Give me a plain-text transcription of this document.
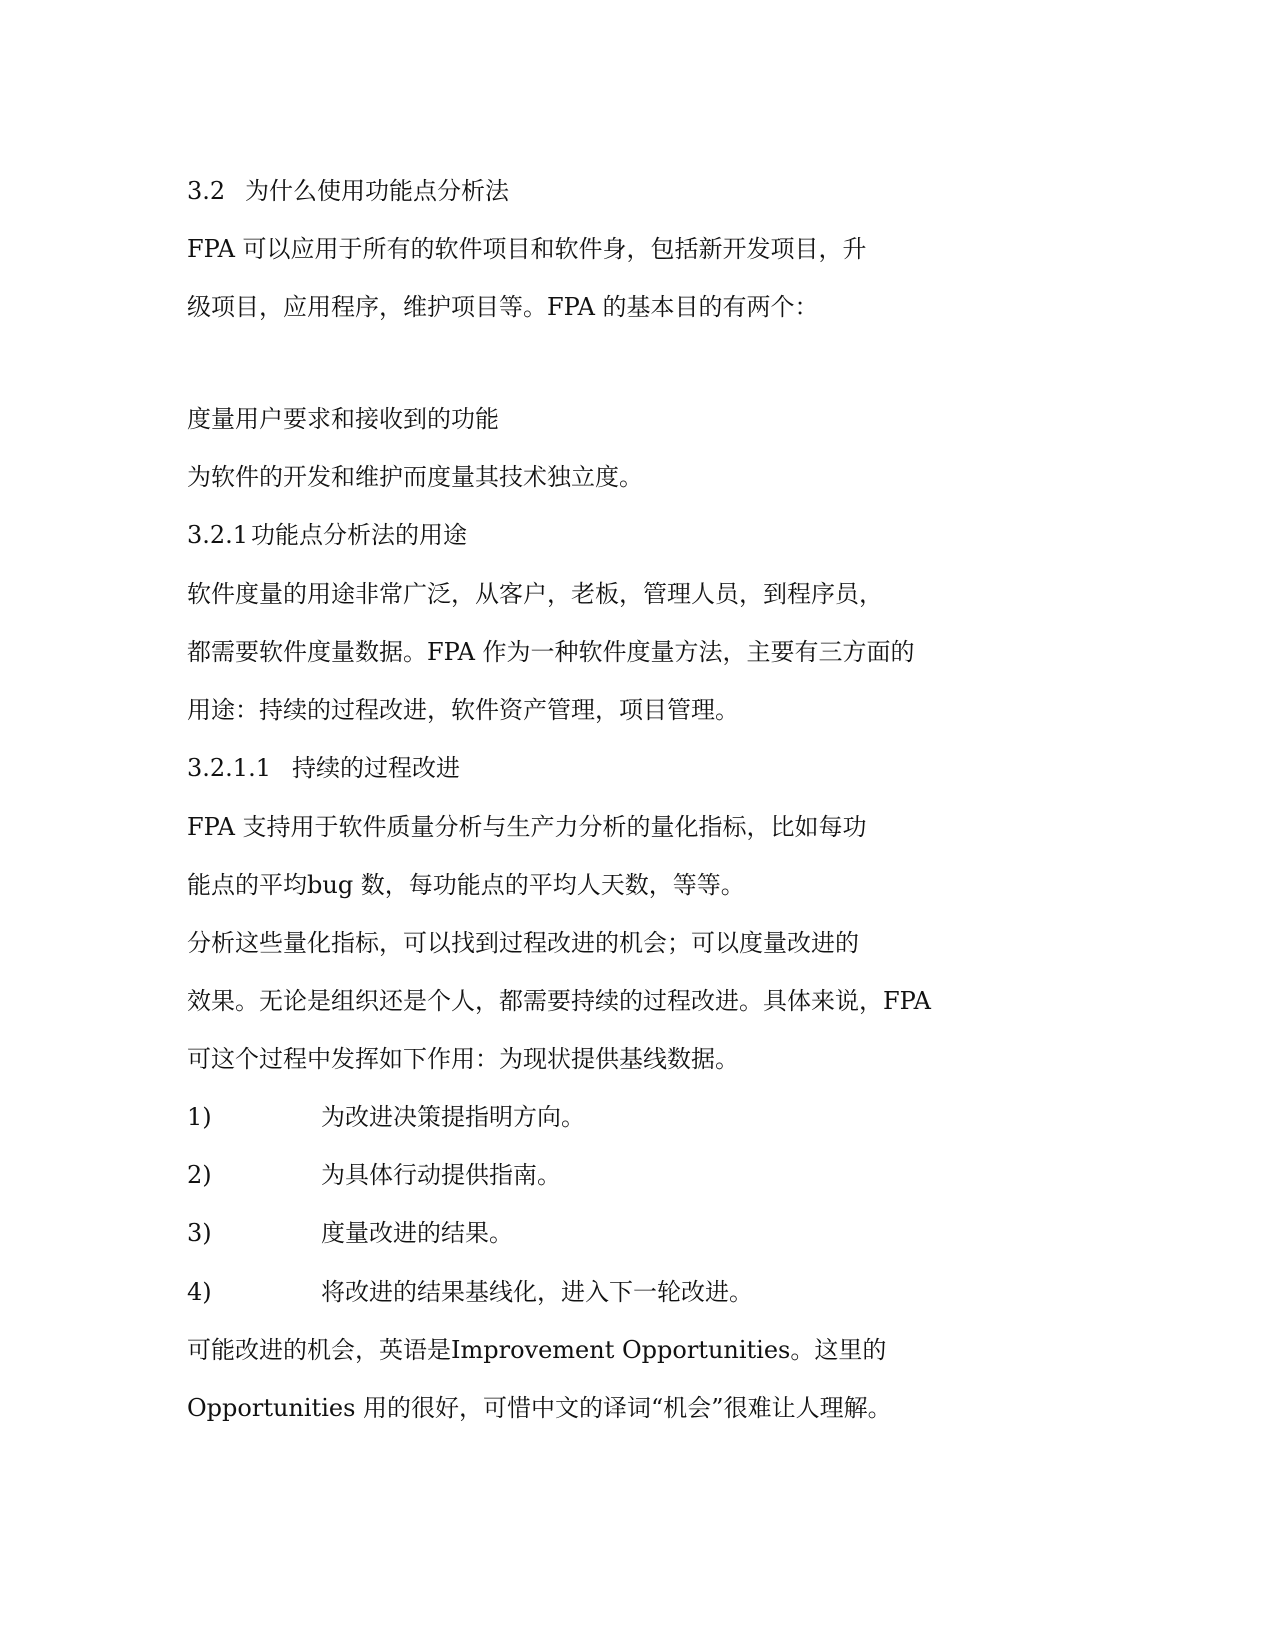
3.2 为什么使用功能点分析法
FPA 可以应用于所有的软件项目和软件身，包括新开发项目，升
级项目，应用程序，维护项目等。FPA 的基本目的有两个：
度量用户要求和接收到的功能
为软件的开发和维护而度量其技术独立度。
3.2.1 功能点分析法的用途
软件度量的用途非常广泛，从客户，老板，管理人员，到程序员，
都需要软件度量数据。FPA 作为一种软件度量方法，主要有三方面的
用途：持续的过程改进，软件资产管理，项目管理。
3.2.1.1 持续的过程改进
FPA 支持用于软件质量分析与生产力分析的量化指标，比如每功
能点的平均bug 数，每功能点的平均人天数，等等。
分析这些量化指标，可以找到过程改进的机会；可以度量改进的
效果。无论是组织还是个人，都需要持续的过程改进。具体来说，FPA
可这个过程中发挥如下作用：为现状提供基线数据。
1)	为改进决策提指明方向。
2)	为具体行动提供指南。
3)	度量改进的结果。
4)	将改进的结果基线化，进入下一轮改进。
可能改进的机会，英语是Improvement Opportunities。这里的
Opportunities 用的很好，可惜中文的译词“机会”很难让人理解。
